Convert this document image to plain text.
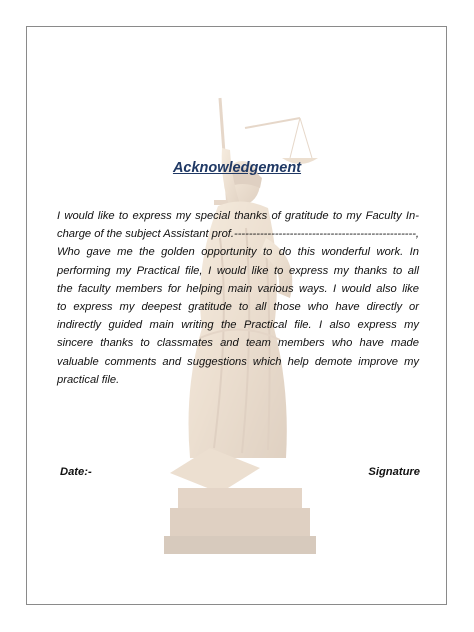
Acknowledgement

I would like to express my special thanks of gratitude to my Faculty In-
charge of the subject Assistant prof.-------------------------------------------------,
Who gave me the golden opportunity to do this wonderful work. In
performing my Practical file, I would like to express my thanks to all
the faculty members for helping main various ways. I would also like
to express my deepest gratitude to all those who have directly or
indirectly guided main writing the Practical file. I also express my
sincere thanks to classmates and team members who have made
valuable comments and suggestions which help demote improve my
practical file.

Date:-	Signature
